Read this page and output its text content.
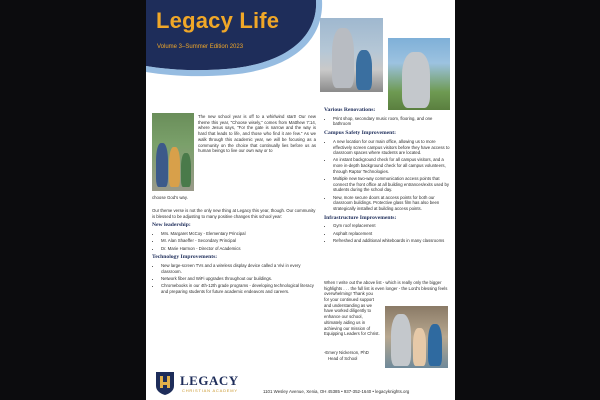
Legacy Life

Volume 3–Summer Edition 2023

The new school year is off to a whirlwind start! Our new theme this year, "Choose wisely," comes from Matthew 7:14, where Jesus says, "For the gate is narrow and the way is hard that leads to life, and those who find it are few." As we walk through this academic year, we will be focusing as a community on the choice that continually lies before us as human beings to live our own way or to

choose God's way.

Our theme verse is not the only new thing at Legacy this year, though. Our community is blessed to be adjusting to many positive changes this school year:

New leadership:
• Mrs. Margaret McCoy - Elementary Principal
• Mr. Alan Shaeffer - Secondary Principal
• Dr. Marie Harmon - Director of Academics
Technology Improvements:
• New large-screen TVs and a wireless display device called a Vivi in every classroom.
• Network fiber and WiFi upgrades throughout our buildings.
• Chromebooks in our 4th-12th grade programs - developing technological literacy and preparing students for future academic endeavors and careers.
Various Renovations:
• Print shop, secondary music room, flooring, and one bathroom
Campus Safety Improvement:
• A new location for our main office, allowing us to more effectively screen campus visitors before they have access to classroom spaces where students are located.
• An instant background check for all campus visitors, and a more in-depth background check for all campus volunteers, through Raptor Technologies.
• Multiple new two-way communication access points that connect the front office at all building entrances/exits used by students during the school day.
• New, more secure doors at access points for both our classroom buildings. Protective glass film has also been strategically installed at building access points.
Infrastructure Improvements:
• Gym roof replacement
• Asphalt replacement
• Refreshed and additional whiteboards in many classrooms

When I write out the above list - which is really only the bigger highlights . . . the full list is even longer - the Lord's blessing feels overwhelming! Thank you

for your continued support and understanding as we have worked diligently to enhance our school, ultimately aiding us in achieving our mission of Equipping Leaders for Christ.
-Emery Nickerson, PhD
Head of School
LEGACY
CHRISTIAN ACADEMY	1101 Wesley Avenue, Xenia, OH 45385 • 937-352-1640 • legacyknights.org
